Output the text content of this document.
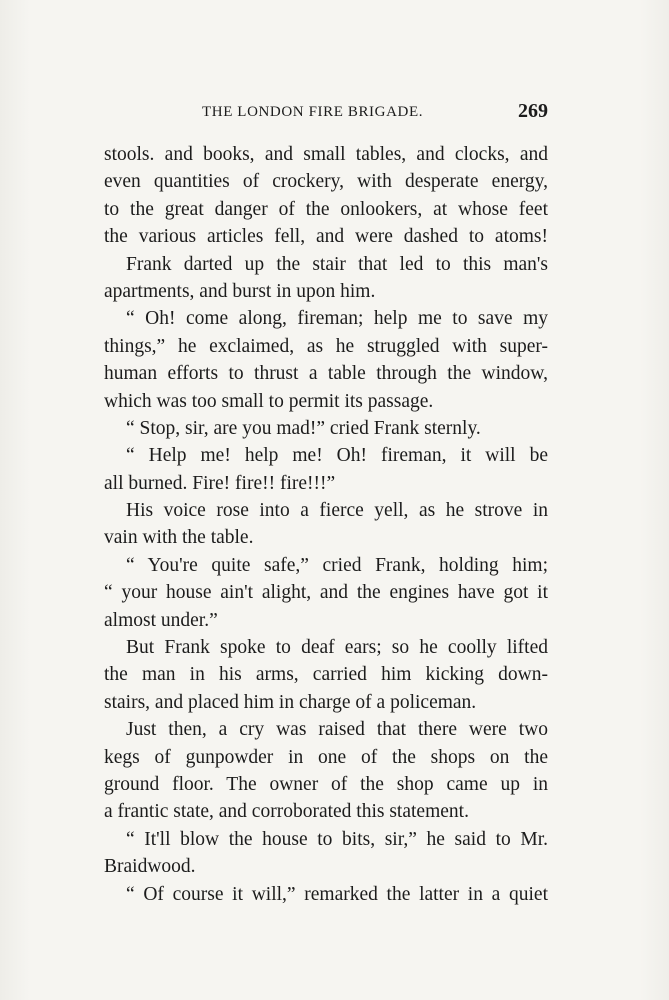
THE LONDON FIRE BRIGADE.	269
stools. and books, and small tables, and clocks, and
even quantities of crockery, with desperate energy,
to the great danger of the onlookers, at whose feet
the various articles fell, and were dashed to atoms!
Frank darted up the stair that led to this man's
apartments, and burst in upon him.
“ Oh! come along, fireman; help me to save my
things,” he exclaimed, as he struggled with super-
human efforts to thrust a table through the window,
which was too small to permit its passage.
“ Stop, sir, are you mad!” cried Frank sternly.
“ Help me! help me! Oh! fireman, it will be
all burned. Fire! fire!! fire!!!”
His voice rose into a fierce yell, as he strove in
vain with the table.
“ You're quite safe,” cried Frank, holding him;
“ your house ain't alight, and the engines have got it
almost under.”
But Frank spoke to deaf ears; so he coolly lifted
the man in his arms, carried him kicking down-
stairs, and placed him in charge of a policeman.
Just then, a cry was raised that there were two
kegs of gunpowder in one of the shops on the
ground floor. The owner of the shop came up in
a frantic state, and corroborated this statement.
“ It'll blow the house to bits, sir,” he said to Mr.
Braidwood.
“ Of course it will,” remarked the latter in a quiet
